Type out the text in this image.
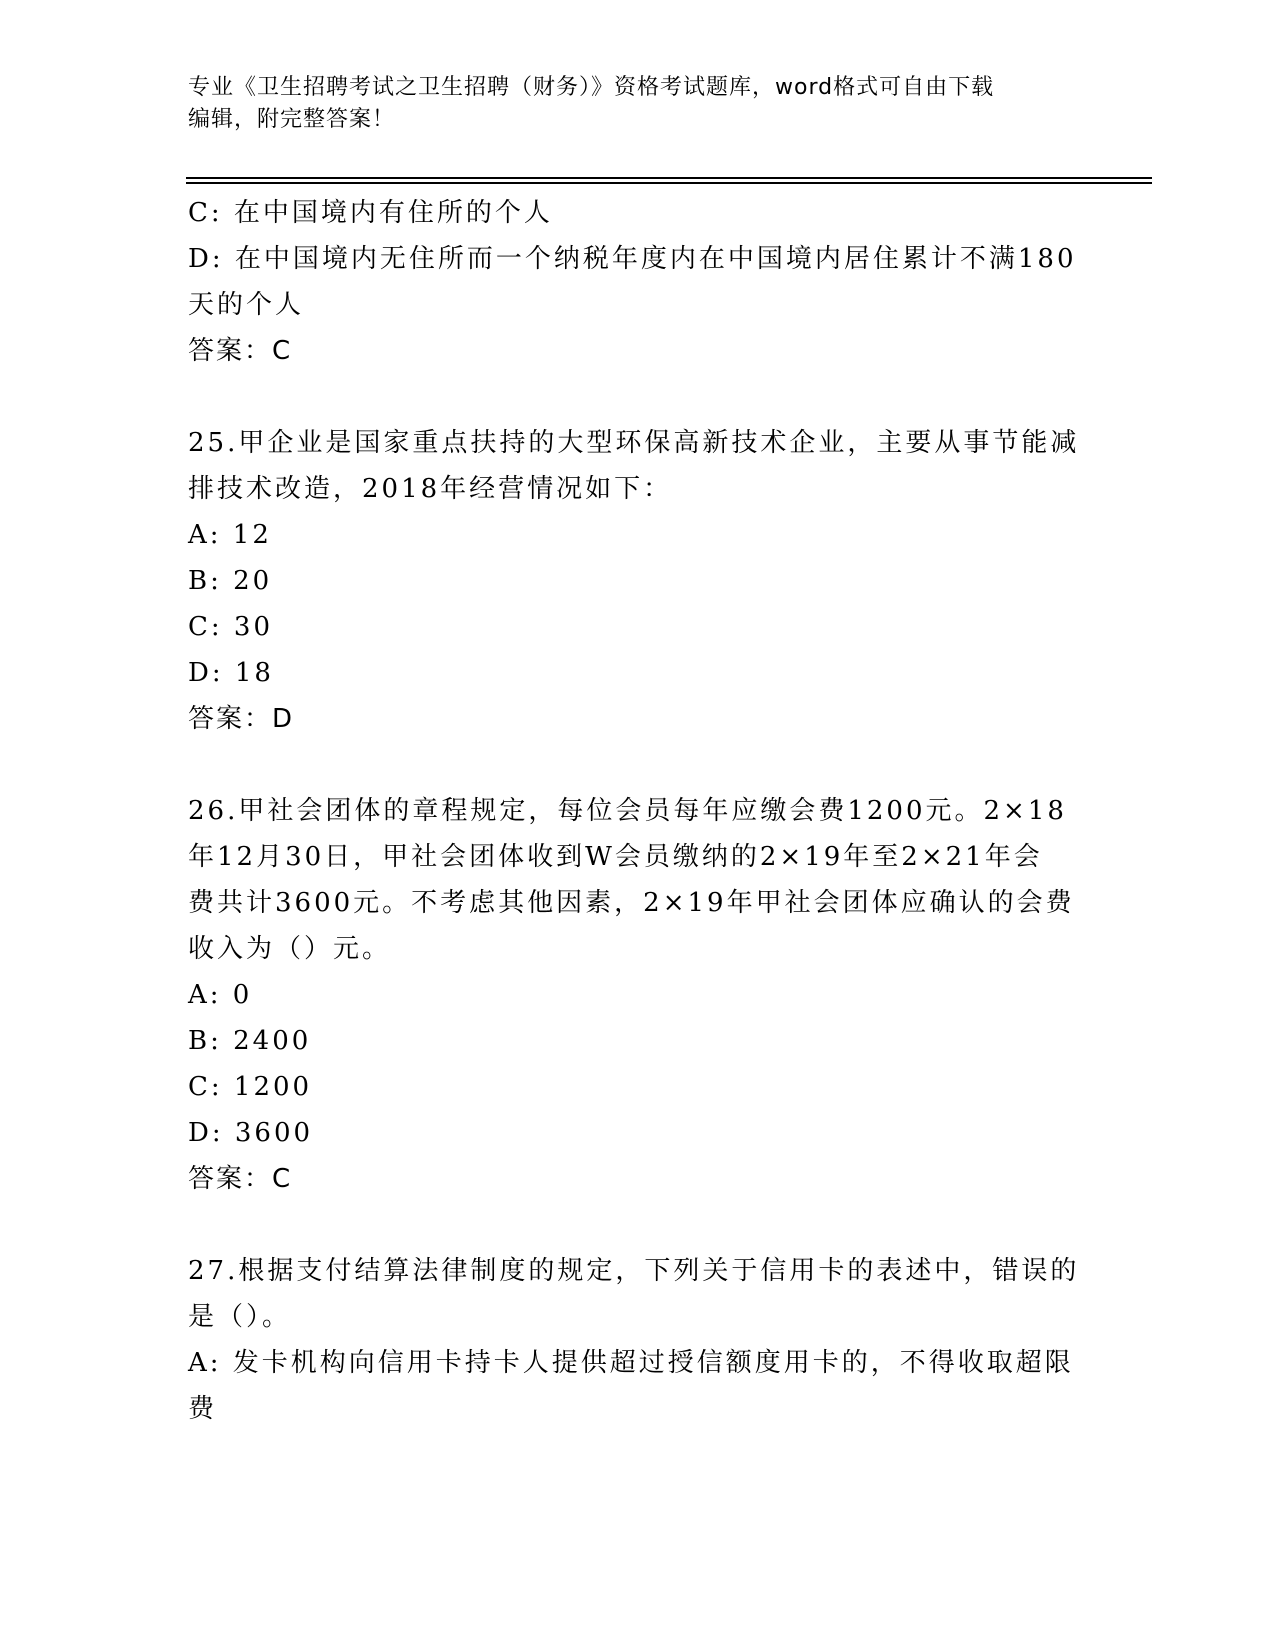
专业《卫生招聘考试之卫生招聘（财务）》资格考试题库，word格式可自由下载
编辑，附完整答案！
C: 在中国境内有住所的个人
D: 在中国境内无住所而一个纳税年度内在中国境内居住累计不满180
天的个人
答案：C
25.甲企业是国家重点扶持的大型环保高新技术企业，主要从事节能减
排技术改造，2018年经营情况如下：
A: 12
B: 20
C: 30
D: 18
答案：D
26.甲社会团体的章程规定，每位会员每年应缴会费1200元。2×18
年12月30日，甲社会团体收到W会员缴纳的2×19年至2×21年会
费共计3600元。不考虑其他因素，2×19年甲社会团体应确认的会费
收入为（）元。
A: 0
B: 2400
C: 1200
D: 3600
答案：C
27.根据支付结算法律制度的规定，下列关于信用卡的表述中，错误的
是（）。
A: 发卡机构向信用卡持卡人提供超过授信额度用卡的，不得收取超限
费
